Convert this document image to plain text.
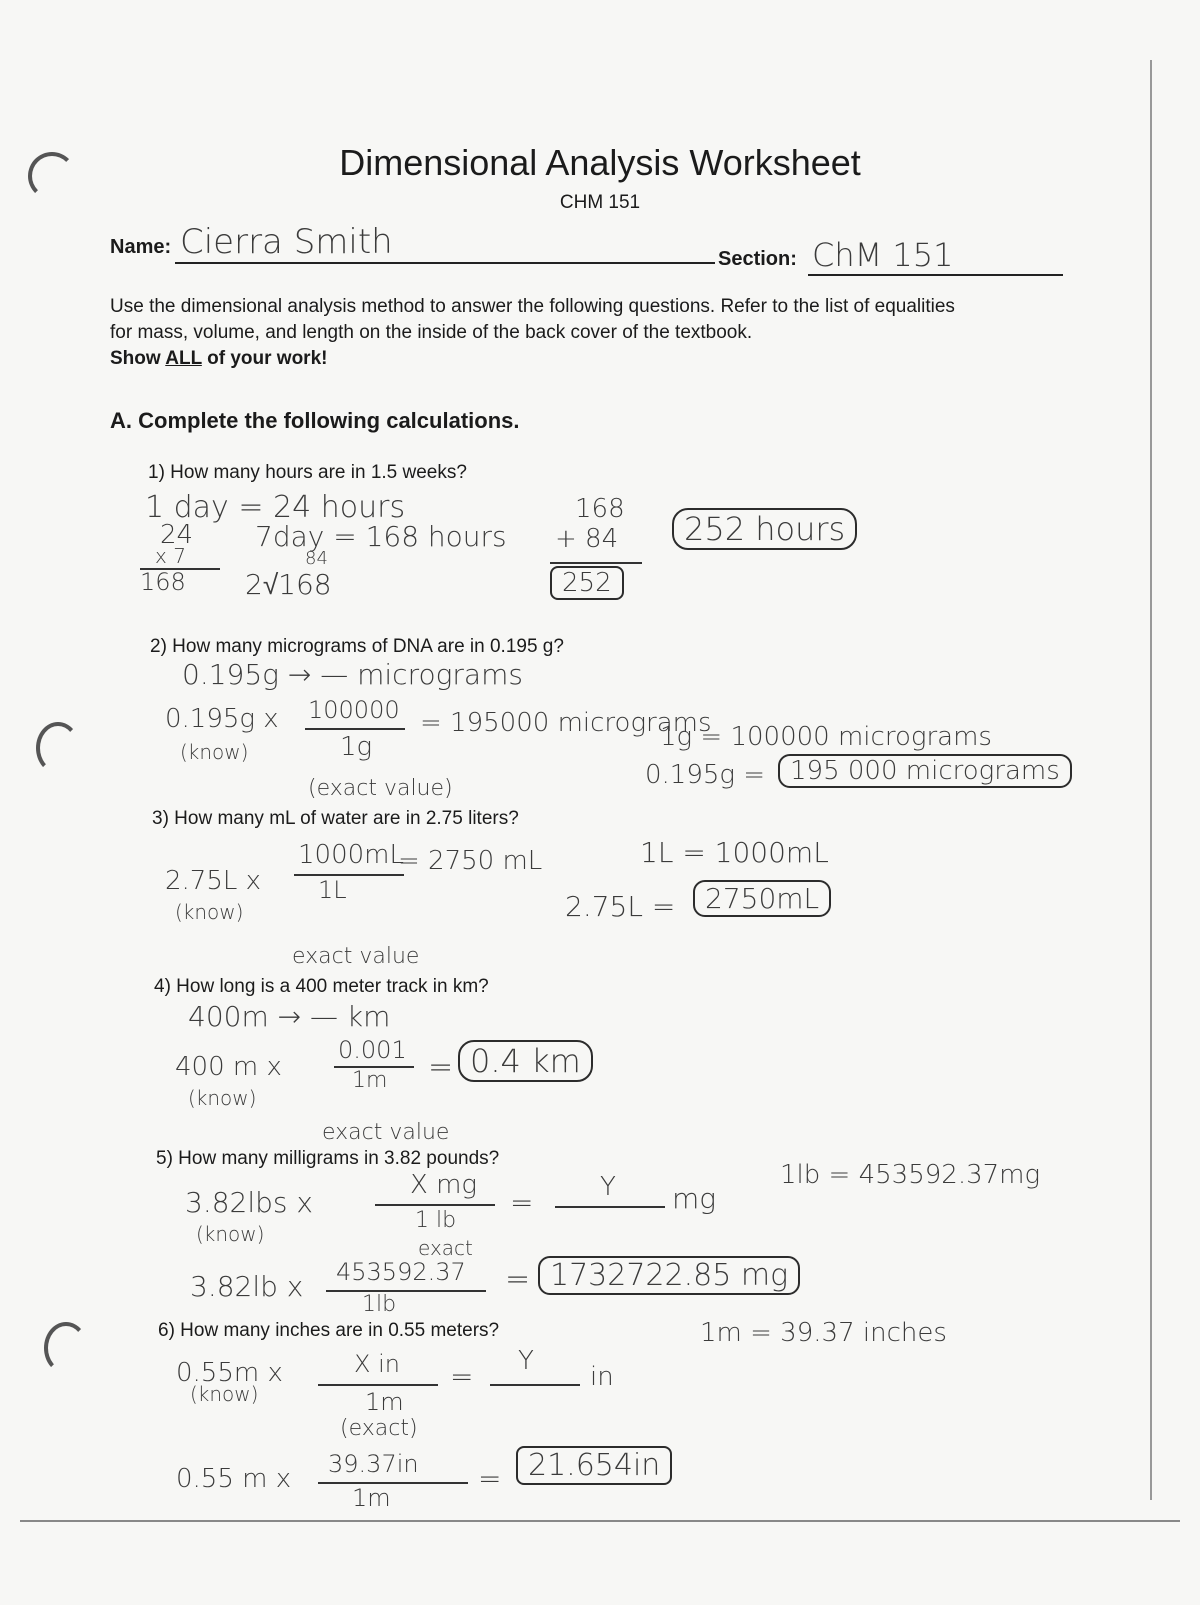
Dimensional Analysis Worksheet
CHM 151
Name: Cierra Smith	Section: ChM 151
Use the dimensional analysis method to answer the following questions. Refer to the list of equalities
for mass, volume, and length on the inside of the back cover of the textbook.
Show ALL of your work!
A. Complete the following calculations.
1) How many hours are in 1.5 weeks?
1 day = 24 hours
24
x 7
168
7day = 168 hours
84
2√168
168
+ 84
252
252 hours
2) How many micrograms of DNA are in 0.195 g?
0.195g → — micrograms
0.195g x 100000
1g
= 195000 micrograms
(know)
(exact value)
1g = 100000 micrograms
0.195g = 195 000 micrograms
3) How many mL of water are in 2.75 liters?
2.75L x
1000mL
1L
= 2750 mL
(know)
exact value
1L = 1000mL
2.75L =	2750mL
4) How long is a 400 meter track in km?
400m → — km
400 m x
0.001
1m =
(know)
exact value
0.4 km
5) How many milligrams in 3.82 pounds?
3.82lbs x
X mg
1 lb
=	Y mg
(know)
exact
1lb = 453592.37mg
3.82lb x 453592.37
1lb
= 1732722.85 mg
6) How many inches are in 0.55 meters?	1m = 39.37 inches
0.55m x	X in
1m
= Y
in
(know)
(exact)
0.55 m x 39.37in
1m
= 21.654in
